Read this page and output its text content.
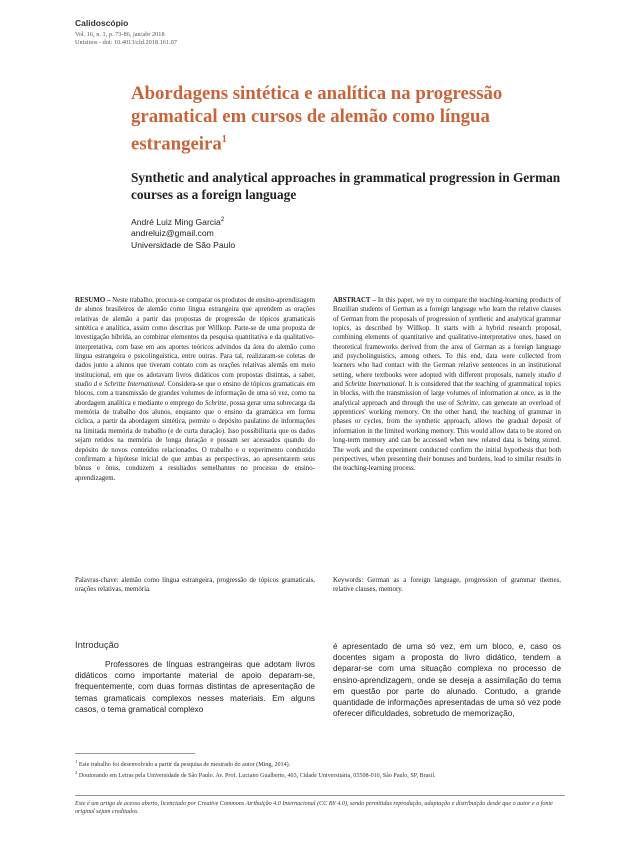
Calidoscópio
Vol. 16, n. 1, p. 73-86, jan/abr 2018
Unisinos - doi: 10.4013/cld.2018.161.07
Abordagens sintética e analítica na progressão gramatical em cursos de alemão como língua estrangeira$^1$
Synthetic and analytical approaches in grammatical progression in German courses as a foreign language
André Luiz Ming Garcia$^2$
andreluiz@gmail.com
Universidade de São Paulo
RESUMO – Neste trabalho, procura-se comparar os produtos de ensino-aprendizagem de alunos brasileiros de alemão como língua estrangeira que aprendem as orações relativas de alemão a partir das propostas de progressão de tópicos gramaticais sintética e analítica, assim como descritas por Willkop. Parte-se de uma proposta de investigação híbrida, ao combinar elementos da pesquisa quantitativa e da qualitativo-interpretativa, com base em aos aportes teóricos advindos da área do alemão como língua estrangeira e psicolinguística, entre outras. Para tal, realizaram-se coletas de dados junto a alunos que tiveram contato com as orações relativas alemãs em meio institucional, em que os adotavam livros didáticos com propostas distintas, a saber, studio d e Schritte International. Considera-se que o ensino de tópicos gramaticais em blocos, com a transmissão de grandes volumes de informação de uma só vez, como na abordagem analítica e mediante o emprego do Schritte, possa gerar uma sobrecarga da memória de trabalho dos alunos, enquanto que o ensino da gramática em forma cíclica, a partir da abordagem sintética, permite o depósito paulatino de informações na limitada memória de trabalho (e de curta duração). Isso possibilitaria que os dados sejam retidos na memória de longa duração e possam ser acessados quando do depósito de novos conteúdos relacionados. O trabalho e o experimento conduzido confirmam a hipótese inicial de que ambas as perspectivas, ao apresentarem seus bônus e ônus, conduzem a resultados semelhantes no processo de ensino-aprendizagem.
ABSTRACT – In this paper, we try to compare the teaching-learning products of Brazilian students of German as a foreign language who learn the relative clauses of German from the proposals of progression of synthetic and analytical grammar topics, as described by Willkop. It starts with a hybrid research proposal, combining elements of quantitative and qualitative-interpretative ones, based on theoretical frameworks derived from the area of German as a foreign language and psycholinguistics, among others. To this end, data were collected from learners who had contact with the German relative sentences in an institutional setting, where textbooks were adopted with different proposals, namely studio d and Schritte International. It is considered that the teaching of grammatical topics in blocks, with the transmission of large volumes of information at once, as in the analytical approach and through the use of Schritte, can generate an overload of apprentices' working memory. On the other hand, the teaching of grammar in phases or cycles, from the synthetic approach, allows the gradual deposit of information in the limited working memory. This would allow data to be stored on long-term memory and can be accessed when new related data is being stored. The work and the experiment conducted confirm the initial hypothesis that both perspectives, when presenting their bonuses and burdens, lead to similar results in the teaching-learning process.
Palavras-chave: alemão como língua estrangeira, progressão de tópicos gramaticais, orações relativas, memória.
Keywords: German as a foreign language, progression of grammar themes, relative clauses, memory.
Introdução
Professores de línguas estrangeiras que adotam livros didáticos como importante material de apoio deparam-se, frequentemente, com duas formas distintas de apresentação de temas gramaticais complexos nesses materiais. Em alguns casos, o tema gramatical complexo
é apresentado de uma só vez, em um bloco, e, caso os docentes sigam a proposta do livro didático, tendem a deparar-se com uma situação complexa no processo de ensino-aprendizagem, onde se deseja a assimilação do tema em questão por parte do alunado. Contudo, a grande quantidade de informações apresentadas de uma só vez pode oferecer dificuldades, sobretudo de memorização,
$^1$ Este trabalho foi desenvolvido a partir da pesquisa de mestrado do autor (Ming, 2014).
$^2$ Doutorando em Letras pela Universidade de São Paulo. Av. Prof. Luciano Gualberto, 403, Cidade Universitária, 05508-010, São Paulo, SP, Brasil.
Este é um artigo de acesso aberto, licenciado por Creative Commons Atribuição 4.0 Internacional (CC BY 4.0), sendo permitidas reprodução, adaptação e distribuição desde que o autor e a fonte original sejam creditados.
